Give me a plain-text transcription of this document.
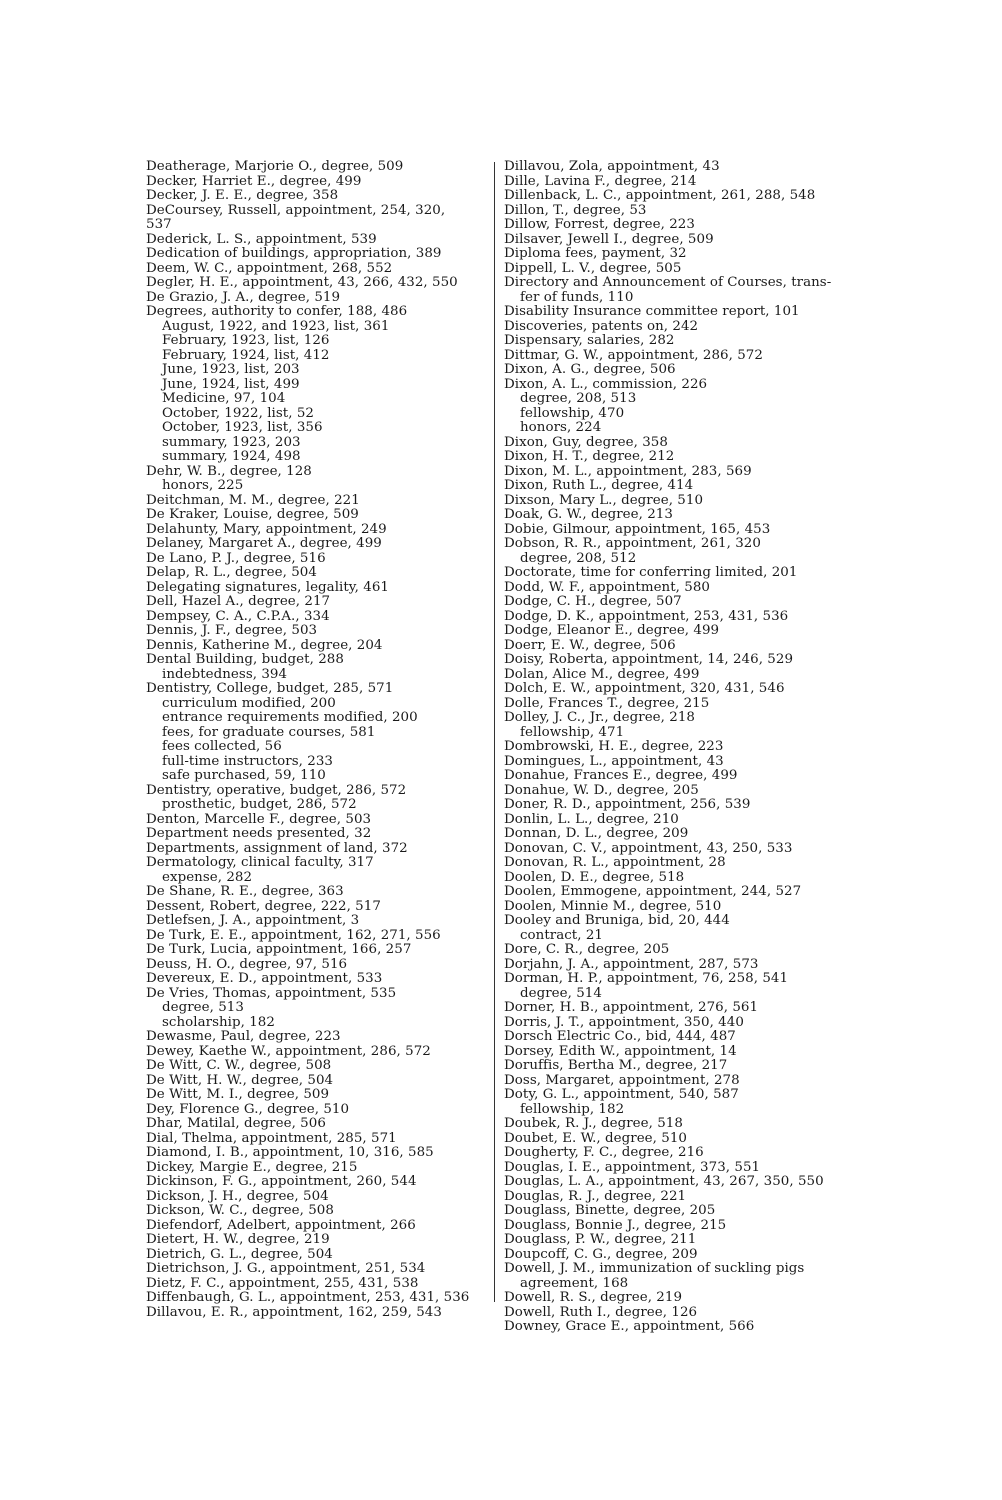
Deatherage, Marjorie O., degree, 509
Decker, Harriet E., degree, 499
Decker, J. E. E., degree, 358
DeCoursey, Russell, appointment, 254, 320,
537
Dederick, L. S., appointment, 539
Dedication of buildings, appropriation, 389
Deem, W. C., appointment, 268, 552
Degler, H. E., appointment, 43, 266, 432, 550
De Grazio, J. A., degree, 519
Degrees, authority to confer, 188, 486
August, 1922, and 1923, list, 361
February, 1923, list, 126
February, 1924, list, 412
June, 1923, list, 203
June, 1924, list, 499
Medicine, 97, 104
October, 1922, list, 52
October, 1923, list, 356
summary, 1923, 203
summary, 1924, 498
Dehr, W. B., degree, 128
honors, 225
Deitchman, M. M., degree, 221
De Kraker, Louise, degree, 509
Delahunty, Mary, appointment, 249
Delaney, Margaret A., degree, 499
De Lano, P. J., degree, 516
Delap, R. L., degree, 504
Delegating signatures, legality, 461
Dell, Hazel A., degree, 217
Dempsey, C. A., C.P.A., 334
Dennis, J. F., degree, 503
Dennis, Katherine M., degree, 204
Dental Building, budget, 288
indebtedness, 394
Dentistry, College, budget, 285, 571
curriculum modified, 200
entrance requirements modified, 200
fees, for graduate courses, 581
fees collected, 56
full-time instructors, 233
safe purchased, 59, 110
Dentistry, operative, budget, 286, 572
prosthetic, budget, 286, 572
Denton, Marcelle F., degree, 503
Department needs presented, 32
Departments, assignment of land, 372
Dermatology, clinical faculty, 317
expense, 282
De Shane, R. E., degree, 363
Dessent, Robert, degree, 222, 517
Detlefsen, J. A., appointment, 3
De Turk, E. E., appointment, 162, 271, 556
De Turk, Lucia, appointment, 166, 257
Deuss, H. O., degree, 97, 516
Devereux, E. D., appointment, 533
De Vries, Thomas, appointment, 535
degree, 513
scholarship, 182
Dewasme, Paul, degree, 223
Dewey, Kaethe W., appointment, 286, 572
De Witt, C. W., degree, 508
De Witt, H. W., degree, 504
De Witt, M. I., degree, 509
Dey, Florence G., degree, 510
Dhar, Matilal, degree, 506
Dial, Thelma, appointment, 285, 571
Diamond, I. B., appointment, 10, 316, 585
Dickey, Margie E., degree, 215
Dickinson, F. G., appointment, 260, 544
Dickson, J. H., degree, 504
Dickson, W. C., degree, 508
Diefendorf, Adelbert, appointment, 266
Dietert, H. W., degree, 219
Dietrich, G. L., degree, 504
Dietrichson, J. G., appointment, 251, 534
Dietz, F. C., appointment, 255, 431, 538
Diffenbaugh, G. L., appointment, 253, 431, 536
Dillavou, E. R., appointment, 162, 259, 543
Dillavou, Zola, appointment, 43
Dille, Lavina F., degree, 214
Dillenback, L. C., appointment, 261, 288, 548
Dillon, T., degree, 53
Dillow, Forrest, degree, 223
Dilsaver, Jewell I., degree, 509
Diploma fees, payment, 32
Dippell, L. V., degree, 505
Directory and Announcement of Courses, trans-
fer of funds, 110
Disability Insurance committee report, 101
Discoveries, patents on, 242
Dispensary, salaries, 282
Dittmar, G. W., appointment, 286, 572
Dixon, A. G., degree, 506
Dixon, A. L., commission, 226
degree, 208, 513
fellowship, 470
honors, 224
Dixon, Guy, degree, 358
Dixon, H. T., degree, 212
Dixon, M. L., appointment, 283, 569
Dixon, Ruth L., degree, 414
Dixson, Mary L., degree, 510
Doak, G. W., degree, 213
Dobie, Gilmour, appointment, 165, 453
Dobson, R. R., appointment, 261, 320
degree, 208, 512
Doctorate, time for conferring limited, 201
Dodd, W. F., appointment, 580
Dodge, C. H., degree, 507
Dodge, D. K., appointment, 253, 431, 536
Dodge, Eleanor E., degree, 499
Doerr, E. W., degree, 506
Doisy, Roberta, appointment, 14, 246, 529
Dolan, Alice M., degree, 499
Dolch, E. W., appointment, 320, 431, 546
Dolle, Frances T., degree, 215
Dolley, J. C., Jr., degree, 218
fellowship, 471
Dombrowski, H. E., degree, 223
Domingues, L., appointment, 43
Donahue, Frances E., degree, 499
Donahue, W. D., degree, 205
Doner, R. D., appointment, 256, 539
Donlin, L. L., degree, 210
Donnan, D. L., degree, 209
Donovan, C. V., appointment, 43, 250, 533
Donovan, R. L., appointment, 28
Doolen, D. E., degree, 518
Doolen, Emmogene, appointment, 244, 527
Doolen, Minnie M., degree, 510
Dooley and Bruniga, bid, 20, 444
contract, 21
Dore, C. R., degree, 205
Dorjahn, J. A., appointment, 287, 573
Dorman, H. P., appointment, 76, 258, 541
degree, 514
Dorner, H. B., appointment, 276, 561
Dorris, J. T., appointment, 350, 440
Dorsch Electric Co., bid, 444, 487
Dorsey, Edith W., appointment, 14
Doruffis, Bertha M., degree, 217
Doss, Margaret, appointment, 278
Doty, G. L., appointment, 540, 587
fellowship, 182
Doubek, R. J., degree, 518
Doubet, E. W., degree, 510
Dougherty, F. C., degree, 216
Douglas, I. E., appointment, 373, 551
Douglas, L. A., appointment, 43, 267, 350, 550
Douglas, R. J., degree, 221
Douglass, Binette, degree, 205
Douglass, Bonnie J., degree, 215
Douglass, P. W., degree, 211
Doupcoff, C. G., degree, 209
Dowell, J. M., immunization of suckling pigs
agreement, 168
Dowell, R. S., degree, 219
Dowell, Ruth I., degree, 126
Downey, Grace E., appointment, 566
